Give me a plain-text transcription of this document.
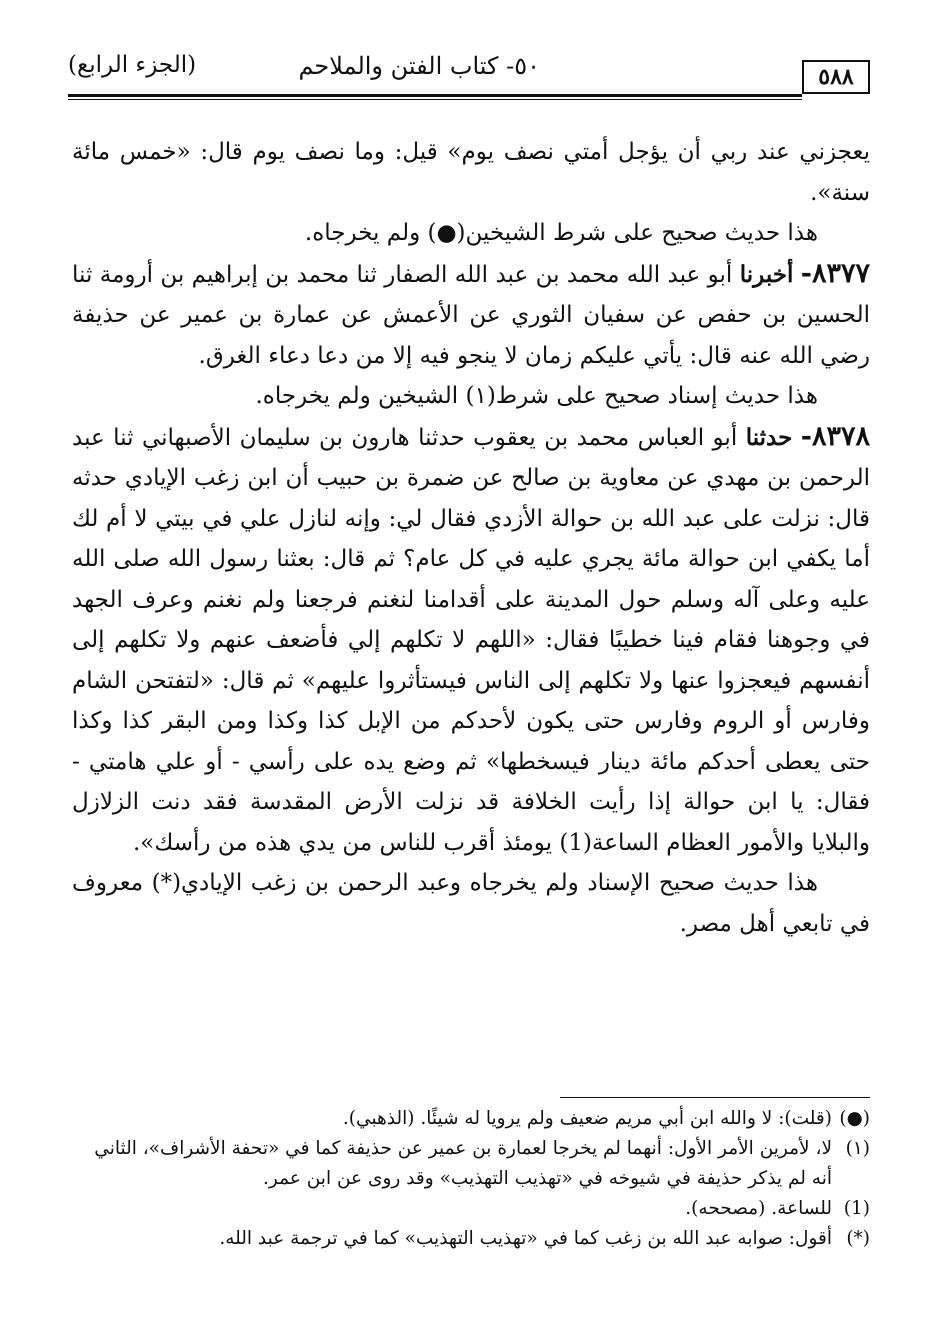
٥٨٨
٥٠- كتاب الفتن والملاحم
(الجزء الرابع)

يعجزني عند ربي أن يؤجل أمتي نصف يوم» قيل: وما نصف يوم قال: «خمس مائة سنة».

هذا حديث صحيح على شرط الشيخين(●) ولم يخرجاه.

٨٣٧٧- أخبرنا أبو عبد الله محمد بن عبد الله الصفار ثنا محمد بن إبراهيم بن أرومة ثنا الحسين بن حفص عن سفيان الثوري عن الأعمش عن عمارة بن عمير عن حذيفة رضي الله عنه قال: يأتي عليكم زمان لا ينجو فيه إلا من دعا دعاء الغرق.

هذا حديث إسناد صحيح على شرط(١) الشيخين ولم يخرجاه.

٨٣٧٨- حدثنا أبو العباس محمد بن يعقوب حدثنا هارون بن سليمان الأصبهاني ثنا عبد الرحمن بن مهدي عن معاوية بن صالح عن ضمرة بن حبيب أن ابن زغب الإيادي حدثه قال: نزلت على عبد الله بن حوالة الأزدي فقال لي: وإنه لنازل علي في بيتي لا أم لك أما يكفي ابن حوالة مائة يجري عليه في كل عام؟ ثم قال: بعثنا رسول الله صلى الله عليه وعلى آله وسلم حول المدينة على أقدامنا لنغنم فرجعنا ولم نغنم وعرف الجهد في وجوهنا فقام فينا خطيبًا فقال: «اللهم لا تكلهم إلي فأضعف عنهم ولا تكلهم إلى أنفسهم فيعجزوا عنها ولا تكلهم إلى الناس فيستأثروا عليهم» ثم قال: «لتفتحن الشام وفارس أو الروم وفارس حتى يكون لأحدكم من الإبل كذا وكذا ومن البقر كذا وكذا حتى يعطى أحدكم مائة دينار فيسخطها» ثم وضع يده على رأسي - أو علي هامتي - فقال: يا ابن حوالة إذا رأيت الخلافة قد نزلت الأرض المقدسة فقد دنت الزلازل والبلايا والأمور العظام الساعة(1) يومئذ أقرب للناس من يدي هذه من رأسك».

هذا حديث صحيح الإسناد ولم يخرجاه وعبد الرحمن بن زغب الإيادي(*) معروف في تابعي أهل مصر.

(●)
(قلت): لا والله ابن أبي مريم ضعيف ولم يرويا له شيئًا. (الذهبي).

(١)
لا، لأمرين الأمر الأول: أنهما لم يخرجا لعمارة بن عمير عن حذيفة كما في «تحفة الأشراف»، الثاني أنه لم يذكر حذيفة في شيوخه في «تهذيب التهذيب» وقد روى عن ابن عمر.

(1)
للساعة. (مصححه).

(*)
أقول: صوابه عبد الله بن زغب كما في «تهذيب التهذيب» كما في ترجمة عبد الله.
